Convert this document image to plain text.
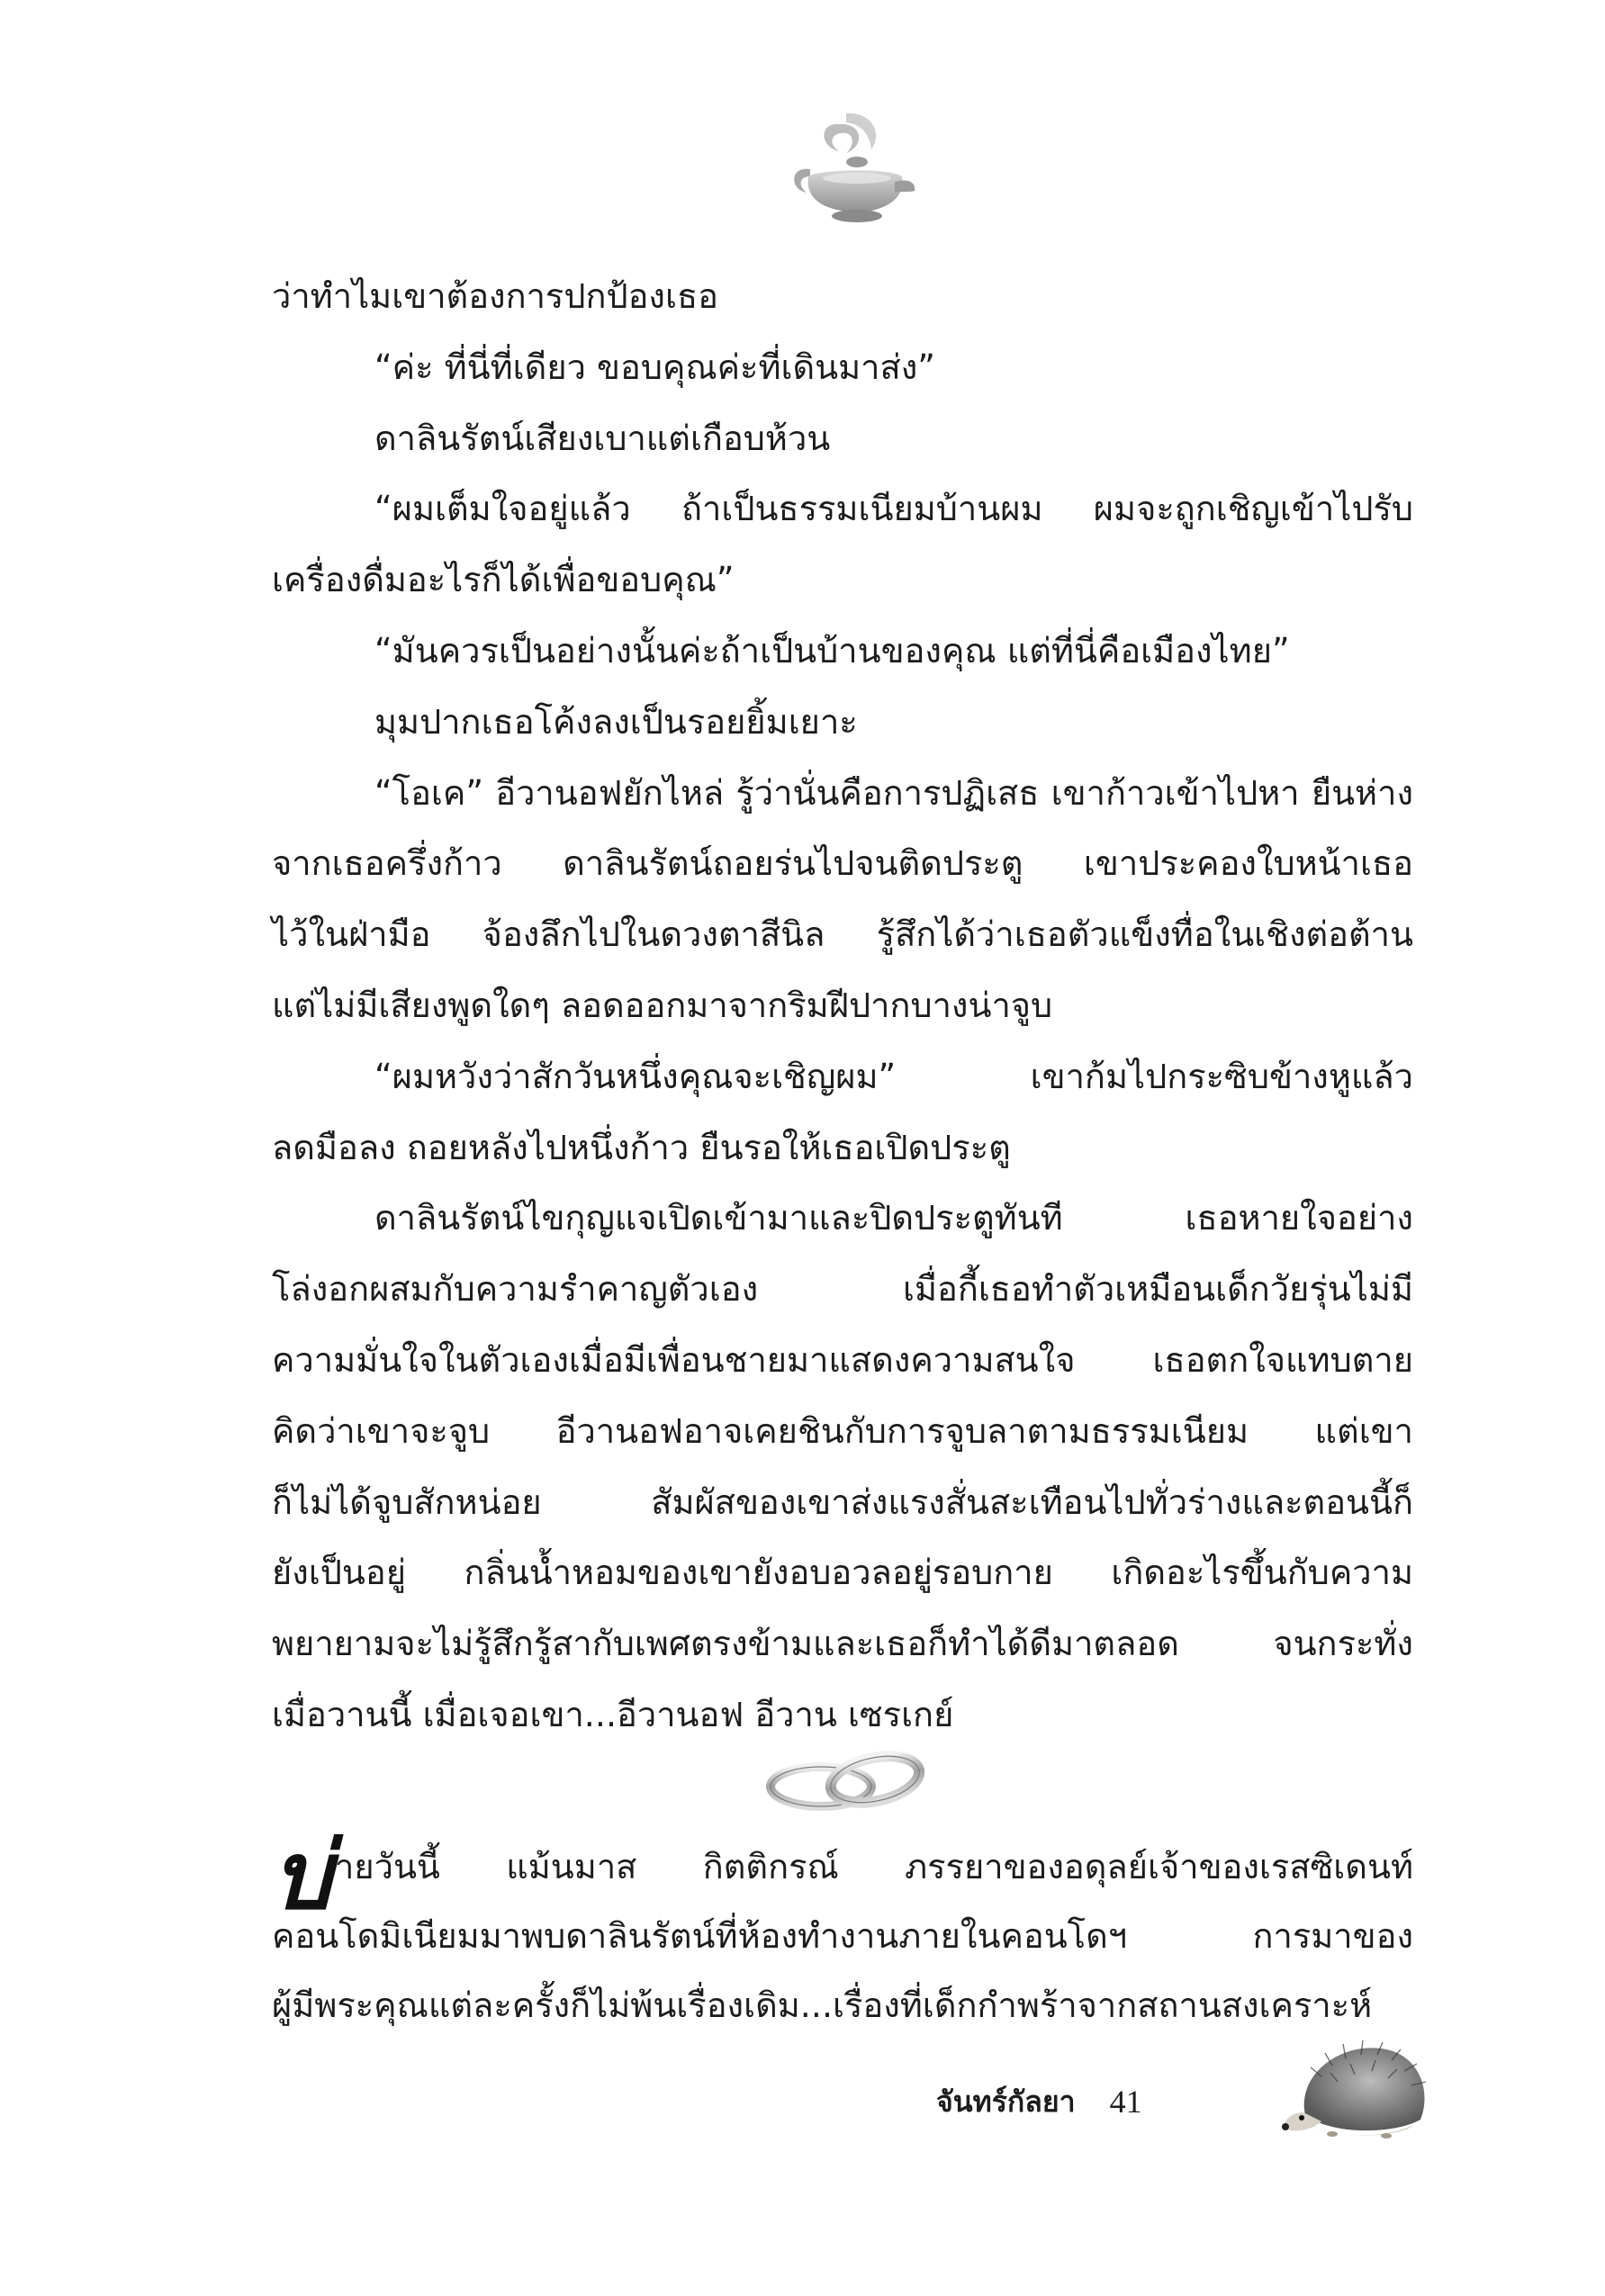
ว่าทำไมเขาต้องการปกป้องเธอ
“ค่ะ ที่นี่ที่เดียว ขอบคุณค่ะที่เดินมาส่ง”
ดาลินรัตน์เสียงเบาแต่เกือบห้วน
“ผมเต็มใจอยู่แล้ว ถ้าเป็นธรรมเนียมบ้านผม ผมจะถูกเชิญเข้าไปรับ
เครื่องดื่มอะไรก็ได้เพื่อขอบคุณ”
“มันควรเป็นอย่างนั้นค่ะถ้าเป็นบ้านของคุณ แต่ที่นี่คือเมืองไทย”
มุมปากเธอโค้งลงเป็นรอยยิ้มเยาะ
“โอเค” อีวานอฟยักไหล่ รู้ว่านั่นคือการปฏิเสธ เขาก้าวเข้าไปหา ยืนห่าง
จากเธอครึ่งก้าว ดาลินรัตน์ถอยร่นไปจนติดประตู เขาประคองใบหน้าเธอ
ไว้ในฝ่ามือ จ้องลึกไปในดวงตาสีนิล รู้สึกได้ว่าเธอตัวแข็งทื่อในเชิงต่อต้าน
แต่ไม่มีเสียงพูดใดๆ ลอดออกมาจากริมฝีปากบางน่าจูบ
“ผมหวังว่าสักวันหนึ่งคุณจะเชิญผม” เขาก้มไปกระซิบข้างหูแล้ว
ลดมือลง ถอยหลังไปหนึ่งก้าว ยืนรอให้เธอเปิดประตู
ดาลินรัตน์ไขกุญแจเปิดเข้ามาและปิดประตูทันที เธอหายใจอย่าง
โล่งอกผสมกับความรำคาญตัวเอง เมื่อกี้เธอทำตัวเหมือนเด็กวัยรุ่นไม่มี
ความมั่นใจในตัวเองเมื่อมีเพื่อนชายมาแสดงความสนใจ เธอตกใจแทบตาย
คิดว่าเขาจะจูบ อีวานอฟอาจเคยชินกับการจูบลาตามธรรมเนียม แต่เขา
ก็ไม่ได้จูบสักหน่อย สัมผัสของเขาส่งแรงสั่นสะเทือนไปทั่วร่างและตอนนี้ก็
ยังเป็นอยู่ กลิ่นน้ำหอมของเขายังอบอวลอยู่รอบกาย เกิดอะไรขึ้นกับความ
พยายามจะไม่รู้สึกรู้สากับเพศตรงข้ามและเธอก็ทำได้ดีมาตลอด จนกระทั่ง
เมื่อวานนี้ เมื่อเจอเขา...อีวานอฟ อีวาน เซรเกย์
บ่ายวันนี้ แม้นมาส กิตติกรณ์ ภรรยาของอดุลย์เจ้าของเรสซิเดนท์
คอนโดมิเนียมมาพบดาลินรัตน์ที่ห้องทำงานภายในคอนโดฯ การมาของ
ผู้มีพระคุณแต่ละครั้งก็ไม่พ้นเรื่องเดิม...เรื่องที่เด็กกำพร้าจากสถานสงเคราะห์
จันทร์กัลยา 41
